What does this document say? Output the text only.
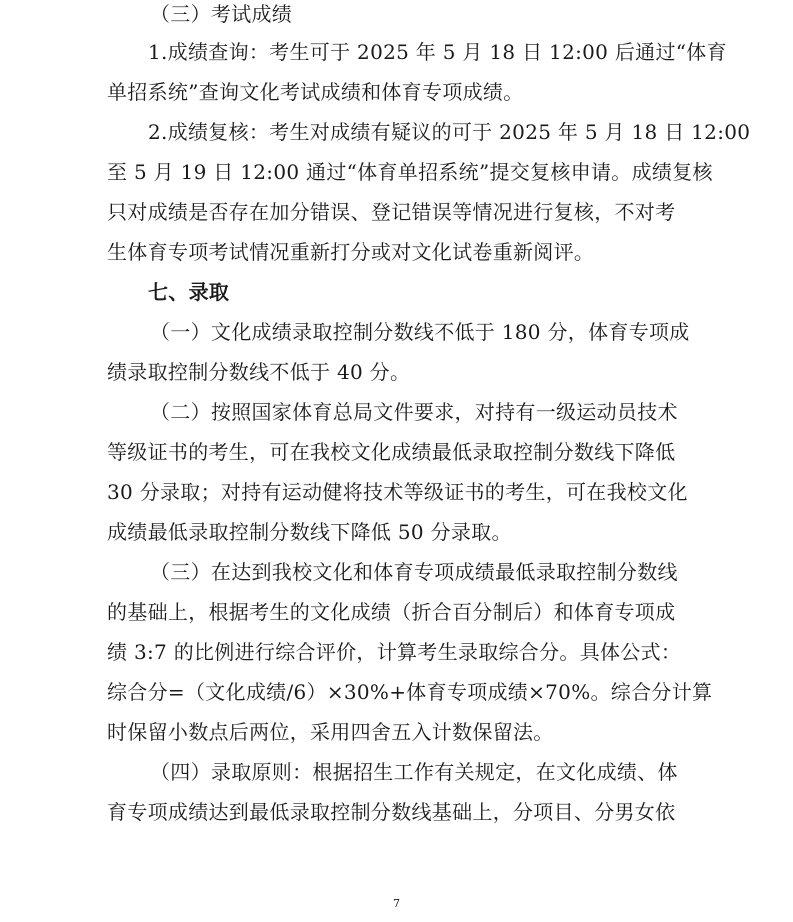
（三）考试成绩
1.成绩查询：考生可于 2025 年 5 月 18 日 12:00 后通过“体育
单招系统”查询文化考试成绩和体育专项成绩。
2.成绩复核：考生对成绩有疑议的可于 2025 年 5 月 18 日 12:00
至 5 月 19 日 12:00 通过“体育单招系统”提交复核申请。成绩复核
只对成绩是否存在加分错误、登记错误等情况进行复核，不对考
生体育专项考试情况重新打分或对文化试卷重新阅评。
七、录取
（一）文化成绩录取控制分数线不低于 180 分，体育专项成
绩录取控制分数线不低于 40 分。
（二）按照国家体育总局文件要求，对持有一级运动员技术
等级证书的考生，可在我校文化成绩最低录取控制分数线下降低
30 分录取；对持有运动健将技术等级证书的考生，可在我校文化
成绩最低录取控制分数线下降低 50 分录取。
（三）在达到我校文化和体育专项成绩最低录取控制分数线
的基础上，根据考生的文化成绩（折合百分制后）和体育专项成
绩 3:7 的比例进行综合评价，计算考生录取综合分。具体公式：
综合分=（文化成绩/6）×30%+体育专项成绩×70%。综合分计算
时保留小数点后两位，采用四舍五入计数保留法。
（四）录取原则：根据招生工作有关规定，在文化成绩、体
育专项成绩达到最低录取控制分数线基础上，分项目、分男女依
7
